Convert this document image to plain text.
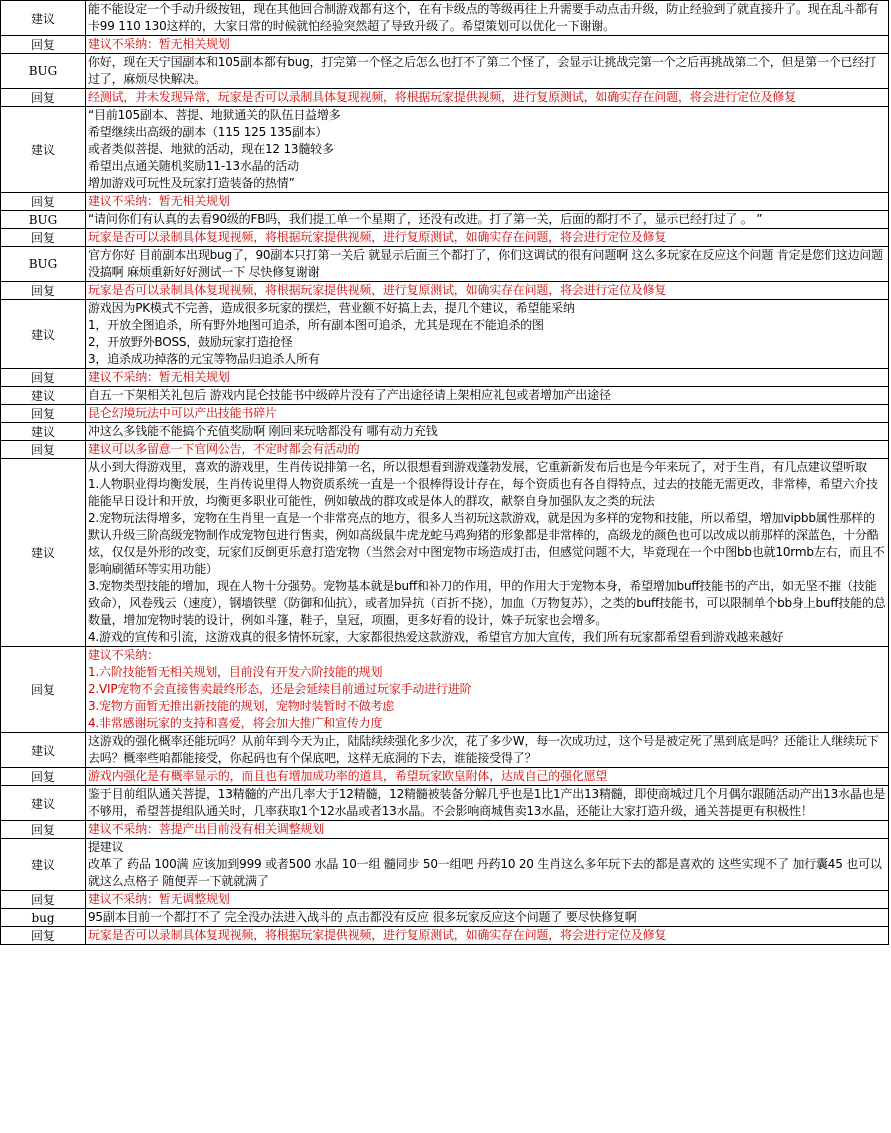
建议	能不能设定一个手动升级按钮，现在其他回合制游戏都有这个，在有卡级点的等级再往上升需要手动点击升级，防止经验到了就直接升了。现在乱斗都有卡99 110 130这样的，大家日常的时候就怕经验突然超了导致升级了。希望策划可以优化一下谢谢。

回复	建议不采纳：暂无相关规划

BUG	你好，现在天宁国副本和105副本都有bug，打完第一个怪之后怎么也打不了第二个怪了，会显示让挑战完第一个之后再挑战第二个，但是第一个已经打过了，麻烦尽快解决。

回复	经测试，并未发现异常，玩家是否可以录制具体复现视频，将根据玩家提供视频，进行复原测试，如确实存在问题，将会进行定位及修复

建议	“目前105副本、菩提、地狱通关的队伍日益增多
希望继续出高级的副本（115 125 135副本）
或者类似菩提、地狱的活动，现在12 13髓较多
希望出点通关随机奖励11-13水晶的活动
增加游戏可玩性及玩家打造装备的热情”

回复	建议不采纳：暂无相关规划

BUG	“请问你们有认真的去看90级的FB吗，我们提工单一个星期了，还没有改进。打了第一关，后面的都打不了，显示已经打过了 。 ”

回复	玩家是否可以录制具体复现视频，将根据玩家提供视频，进行复原测试，如确实存在问题，将会进行定位及修复

BUG	官方你好 目前副本出现bug了，90副本只打第一关后 就显示后面三个都打了，你们这调试的很有问题啊 这么多玩家在反应这个问题 肯定是您们这边问题没搞啊 麻烦重新好好测试一下 尽快修复谢谢

回复	玩家是否可以录制具体复现视频，将根据玩家提供视频，进行复原测试，如确实存在问题，将会进行定位及修复

建议	游戏因为PK模式不完善，造成很多玩家的摆烂，营业额不好搞上去，提几个建议，希望能采纳
1，开放全图追杀，所有野外地图可追杀，所有副本图可追杀，尤其是现在不能追杀的图
2，开放野外BOSS，鼓励玩家打造抢怪
3，追杀成功掉落的元宝等物品归追杀人所有

回复	建议不采纳：暂无相关规划

建议	自五一下架相关礼包后 游戏内昆仑技能书中级碎片没有了产出途径请上架相应礼包或者增加产出途径

回复	昆仑幻境玩法中可以产出技能书碎片

建议	冲这么多钱能不能搞个充值奖励啊 刚回来玩啥都没有 哪有动力充钱

回复	建议可以多留意一下官网公告，不定时都会有活动的

建议	从小到大得游戏里，喜欢的游戏里，生肖传说排第一名，所以很想看到游戏蓬勃发展，它重新新发布后也是今年来玩了，对于生肖，有几点建议望听取
1.人物职业得均衡发展，生肖传说里得人物资质系统一直是一个很棒得设计存在，每个资质也有各自得特点，过去的技能无需更改，非常棒，希望六介技能能早日设计和开放，均衡更多职业可能性，例如敏战的群攻或是体人的群攻，献祭自身加强队友之类的玩法
2.宠物玩法得增多，宠物在生肖里一直是一个非常亮点的地方，很多人当初玩这款游戏，就是因为多样的宠物和技能，所以希望，增加vipbb属性那样的默认升级三阶高级宠物制作成宠物包进行售卖，例如高级鼠牛虎龙蛇马鸡狗猪的形象都是非常棒的，高级龙的颜色也可以改成以前那样的深蓝色，十分酷炫，仅仅是外形的改变，玩家们反倒更乐意打造宠物（当然会对中图宠物市场造成打击，但感觉问题不大，毕竟现在一个中图bb也就10rmb左右，而且不影响刷循环等实用功能）
3.宠物类型技能的增加，现在人物十分强势。宠物基本就是buff和补刀的作用，甲的作用大于宠物本身，希望增加buff技能书的产出，如无坚不摧（技能致命），风卷残云（速度），钢墙铁壁（防御和仙抗），或者加异抗（百折不挠），加血（万物复苏），之类的buff技能书，可以限制单个bb身上buff技能的总数量，增加宠物时装的设计，例如斗篷，鞋子，皇冠，项圈，更多好看的设计，姝子玩家也会增多。
4.游戏的宣传和引流，这游戏真的很多情怀玩家，大家都很热爱这款游戏，希望官方加大宣传，我们所有玩家都希望看到游戏越来越好

回复	建议不采纳：
1.六阶技能暂无相关规划，目前没有开发六阶技能的规划
2.VIP宠物不会直接售卖最终形态，还是会延续目前通过玩家手动进行进阶
3.宠物方面暂无推出新技能的规划，宠物时装暂时不做考虑
4.非常感谢玩家的支持和喜爱，将会加大推广和宣传力度

建议	这游戏的强化概率还能玩吗？从前年到今天为止，陆陆续续强化多少次，花了多少W，每一次成功过，这个号是被定死了黑到底是吗？还能让人继续玩下去吗？概率些咱都能接受，你起码也有个保底吧，这样无底洞的下去，谁能接受得了？

回复	游戏内强化是有概率显示的，而且也有增加成功率的道具，希望玩家欧皇附体，达成自己的强化愿望

建议	鉴于目前组队通关菩提，13精髓的产出几率大于12精髓，12精髓被装备分解几乎也是1比1产出13精髓，即使商城过几个月偶尔跟随活动产出13水晶也是不够用，希望菩提组队通关时，几率获取1个12水晶或者13水晶。不会影响商城售卖13水晶，还能让大家打造升级，通关菩提更有积极性！

回复	建议不采纳：菩提产出目前没有相关调整规划

建议	提建议
改革了 药品 100满 应该加到999 或者500 水晶 10一组 髓同步 50一组吧 丹药10 20 生肖这么多年玩下去的都是喜欢的 这些实现不了 加行囊45 也可以 就这么点格子 随便弄一下就就满了

回复	建议不采纳：暂无调整规划

bug	95副本目前一个都打不了 完全没办法进入战斗的 点击都没有反应 很多玩家反应这个问题了 要尽快修复啊

回复	玩家是否可以录制具体复现视频，将根据玩家提供视频，进行复原测试，如确实存在问题，将会进行定位及修复
